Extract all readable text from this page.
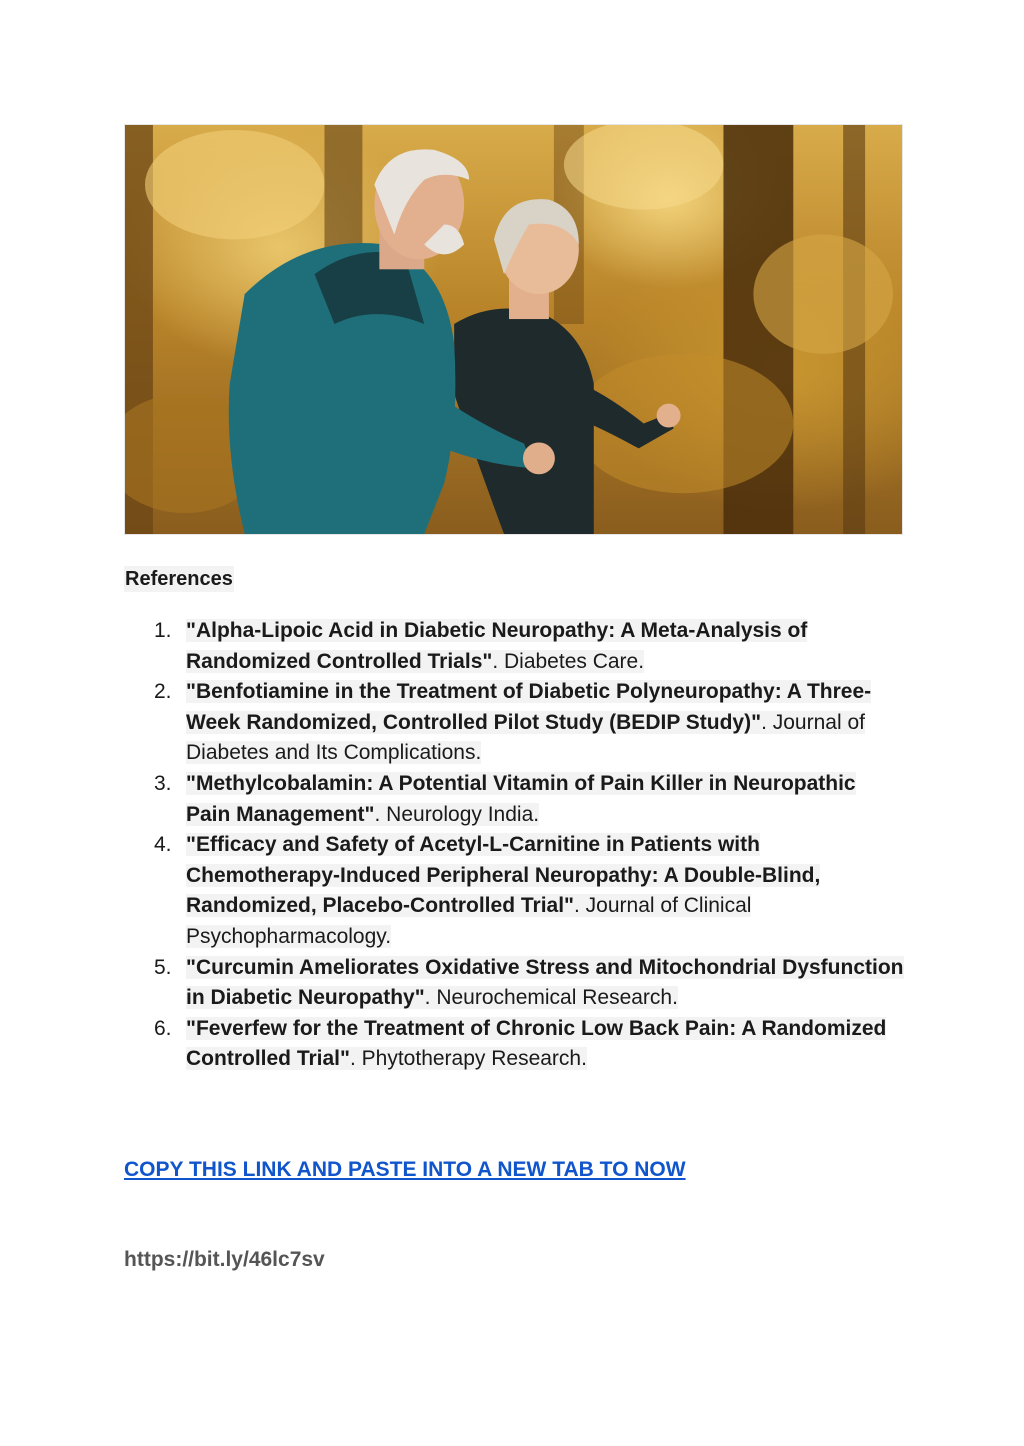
References
1. "Alpha-Lipoic Acid in Diabetic Neuropathy: A Meta-Analysis of Randomized Controlled Trials". Diabetes Care.
2. "Benfotiamine in the Treatment of Diabetic Polyneuropathy: A Three-Week Randomized, Controlled Pilot Study (BEDIP Study)". Journal of Diabetes and Its Complications.
3. "Methylcobalamin: A Potential Vitamin of Pain Killer in Neuropathic Pain Management". Neurology India.
4. "Efficacy and Safety of Acetyl-L-Carnitine in Patients with Chemotherapy-Induced Peripheral Neuropathy: A Double-Blind, Randomized, Placebo-Controlled Trial". Journal of Clinical Psychopharmacology.
5. "Curcumin Ameliorates Oxidative Stress and Mitochondrial Dysfunction in Diabetic Neuropathy". Neurochemical Research.
6. "Feverfew for the Treatment of Chronic Low Back Pain: A Randomized Controlled Trial". Phytotherapy Research.
COPY THIS LINK AND PASTE INTO A NEW TAB TO NOW
https://bit.ly/46lc7sv
